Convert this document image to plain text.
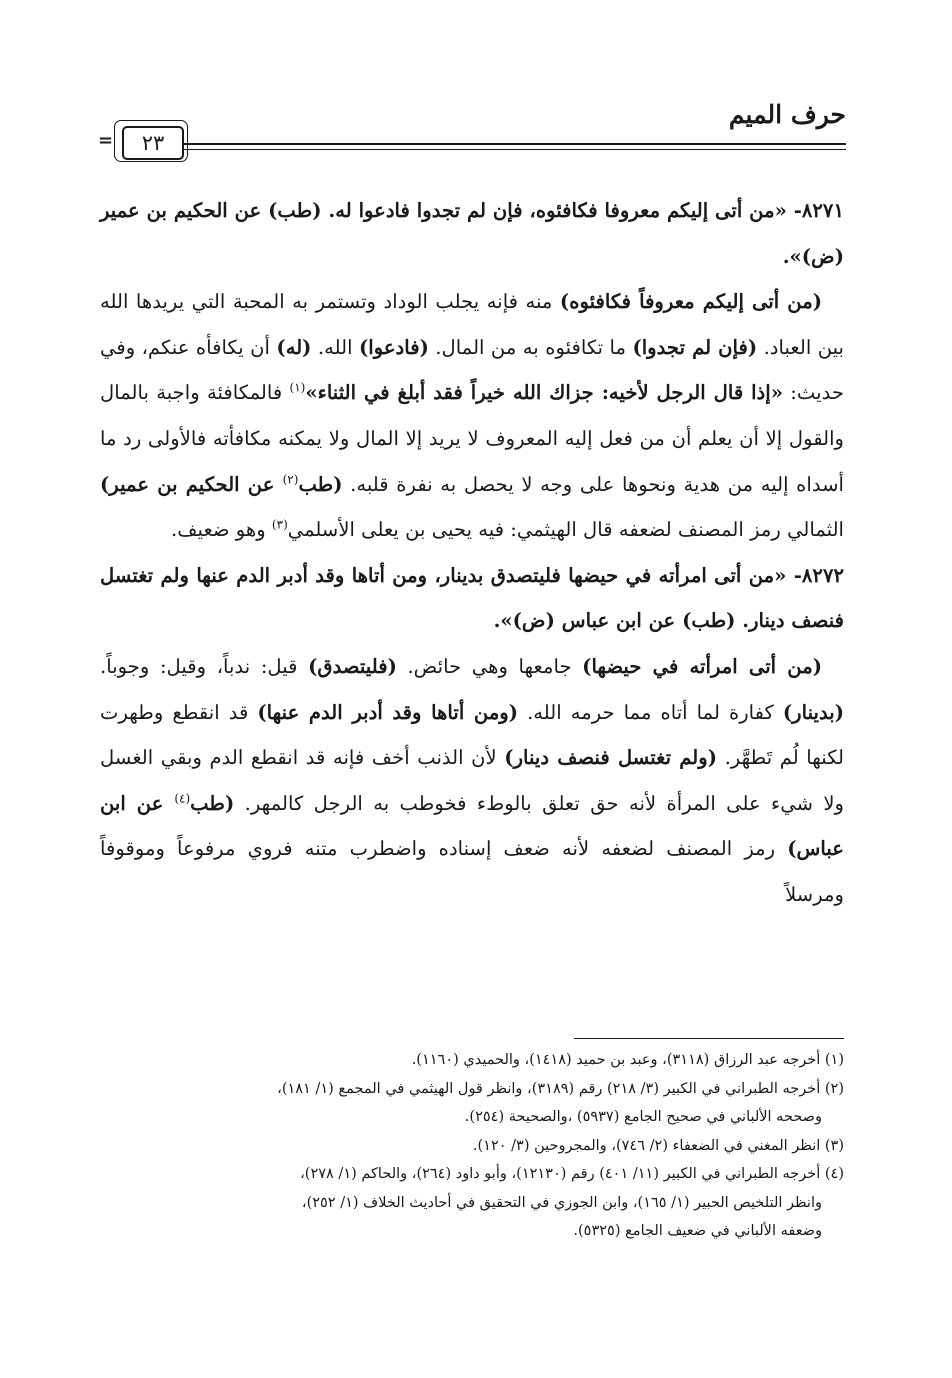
حرف الميم
٢٣
=

٨٢٧١- «من أتى إليكم معروفا فكافئوه، فإن لم تجدوا فادعوا له. (طب) عن الحكيم بن عمير (ض)».

(من أتى إليكم معروفاً فكافئوه) منه فإنه يجلب الوداد وتستمر به المحبة التي يريدها الله بين العباد. (فإن لم تجدوا) ما تكافئوه به من المال. (فادعوا) الله. (له) أن يكافأه عنكم، وفي حديث: «إذا قال الرجل لأخيه: جزاك الله خيراً فقد أبلغ في الثناء»$^{(١)}$ فالمكافئة واجبة بالمال والقول إلا أن يعلم أن من فعل إليه المعروف لا يريد إلا المال ولا يمكنه مكافأته فالأولى رد ما أسداه إليه من هدية ونحوها على وجه لا يحصل به نفرة قلبه. (طب$^{(٢)}$ عن الحكيم بن عمير) الثمالي رمز المصنف لضعفه قال الهيثمي: فيه يحيى بن يعلى الأسلمي$^{(٣)}$ وهو ضعيف.

٨٢٧٢- «من أتى امرأته في حيضها فليتصدق بدينار، ومن أتاها وقد أدبر الدم عنها ولم تغتسل فنصف دينار. (طب) عن ابن عباس (ض)».

(من أتى امرأته في حيضها) جامعها وهي حائض. (فليتصدق) قيل: ندباً، وقيل: وجوباً. (بدينار) كفارة لما أتاه مما حرمه الله. (ومن أتاها وقد أدبر الدم عنها) قد انقطع وطهرت لكنها لُم تَطهَّر. (ولم تغتسل فنصف دينار) لأن الذنب أخف فإنه قد انقطع الدم وبقي الغسل ولا شيء على المرأة لأنه حق تعلق بالوطء فخوطب به الرجل كالمهر. (طب$^{(٤)}$ عن ابن عباس) رمز المصنف لضعفه لأنه ضعف إسناده واضطرب متنه فروي مرفوعاً وموقوفاً ومرسلاً

(١) أخرجه عبد الرزاق (٣١١٨)، وعبد بن حميد (١٤١٨)، والحميدي (١١٦٠).

(٢) أخرجه الطبراني في الكبير (٣/ ٢١٨) رقم (٣١٨٩)، وانظر قول الهيثمي في المجمع (١/ ١٨١)،

وصححه الألباني في صحيح الجامع (٥٩٣٧) ،والصحيحة (٢٥٤).

(٣) انظر المغني في الضعفاء (٢/ ٧٤٦)، والمجروحين (٣/ ١٢٠).

(٤) أخرجه الطبراني في الكبير (١١/ ٤٠١) رقم (١٢١٣٠)، وأبو داود (٢٦٤)، والحاكم (١/ ٢٧٨)،

وانظر التلخيص الحبير (١/ ١٦٥)، وابن الجوزي في التحقيق في أحاديث الخلاف (١/ ٢٥٢)،

وضعفه الألباني في ضعيف الجامع (٥٣٢٥).
